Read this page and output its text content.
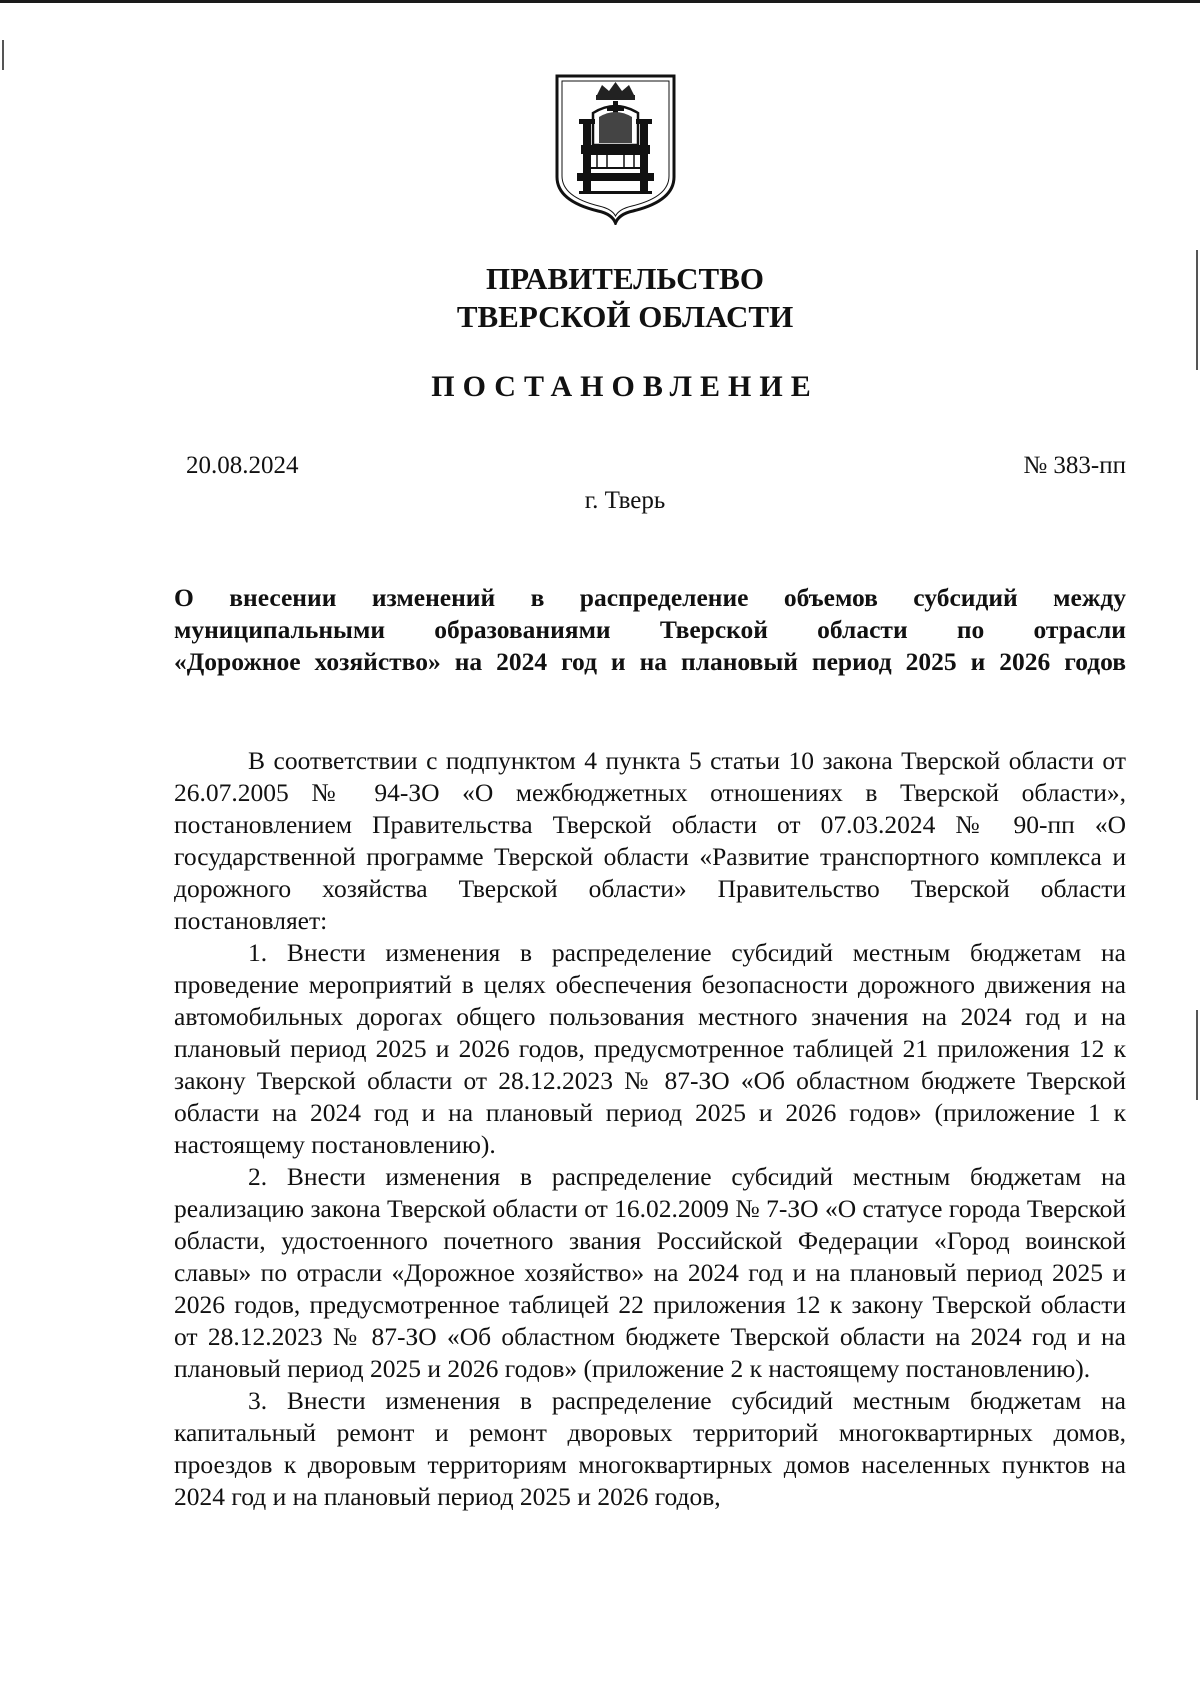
ПРАВИТЕЛЬСТВО
ТВЕРСКОЙ ОБЛАСТИ
ПОСТАНОВЛЕНИЕ
20.08.2024	№ 383-пп
г. Тверь
О внесении изменений в распределение объемов субсидий между
муниципальными образованиями Тверской области по отрасли
«Дорожное хозяйство» на 2024 год и на плановый период 2025 и 2026 годов

В соответствии с подпунктом 4 пункта 5 статьи 10 закона Тверской области от 26.07.2005 № 94-ЗО «О межбюджетных отношениях в Тверской области», постановлением Правительства Тверской области от 07.03.2024 № 90-пп «О государственной программе Тверской области «Развитие транспортного комплекса и дорожного хозяйства Тверской области» Правительство Тверской области постановляет:

1. Внести изменения в распределение субсидий местным бюджетам на проведение мероприятий в целях обеспечения безопасности дорожного движения на автомобильных дорогах общего пользования местного значения на 2024 год и на плановый период 2025 и 2026 годов, предусмотренное таблицей 21 приложения 12 к закону Тверской области от 28.12.2023 № 87-ЗО «Об областном бюджете Тверской области на 2024 год и на плановый период 2025 и 2026 годов» (приложение 1 к настоящему постановлению).

2. Внести изменения в распределение субсидий местным бюджетам на реализацию закона Тверской области от 16.02.2009 № 7-ЗО «О статусе города Тверской области, удостоенного почетного звания Российской Федерации «Город воинской славы» по отрасли «Дорожное хозяйство» на 2024 год и на плановый период 2025 и 2026 годов, предусмотренное таблицей 22 приложения 12 к закону Тверской области от 28.12.2023 № 87-ЗО «Об областном бюджете Тверской области на 2024 год и на плановый период 2025 и 2026 годов» (приложение 2 к настоящему постановлению).

3. Внести изменения в распределение субсидий местным бюджетам на капитальный ремонт и ремонт дворовых территорий многоквартирных домов, проездов к дворовым территориям многоквартирных домов населенных пунктов на 2024 год и на плановый период 2025 и 2026 годов,
